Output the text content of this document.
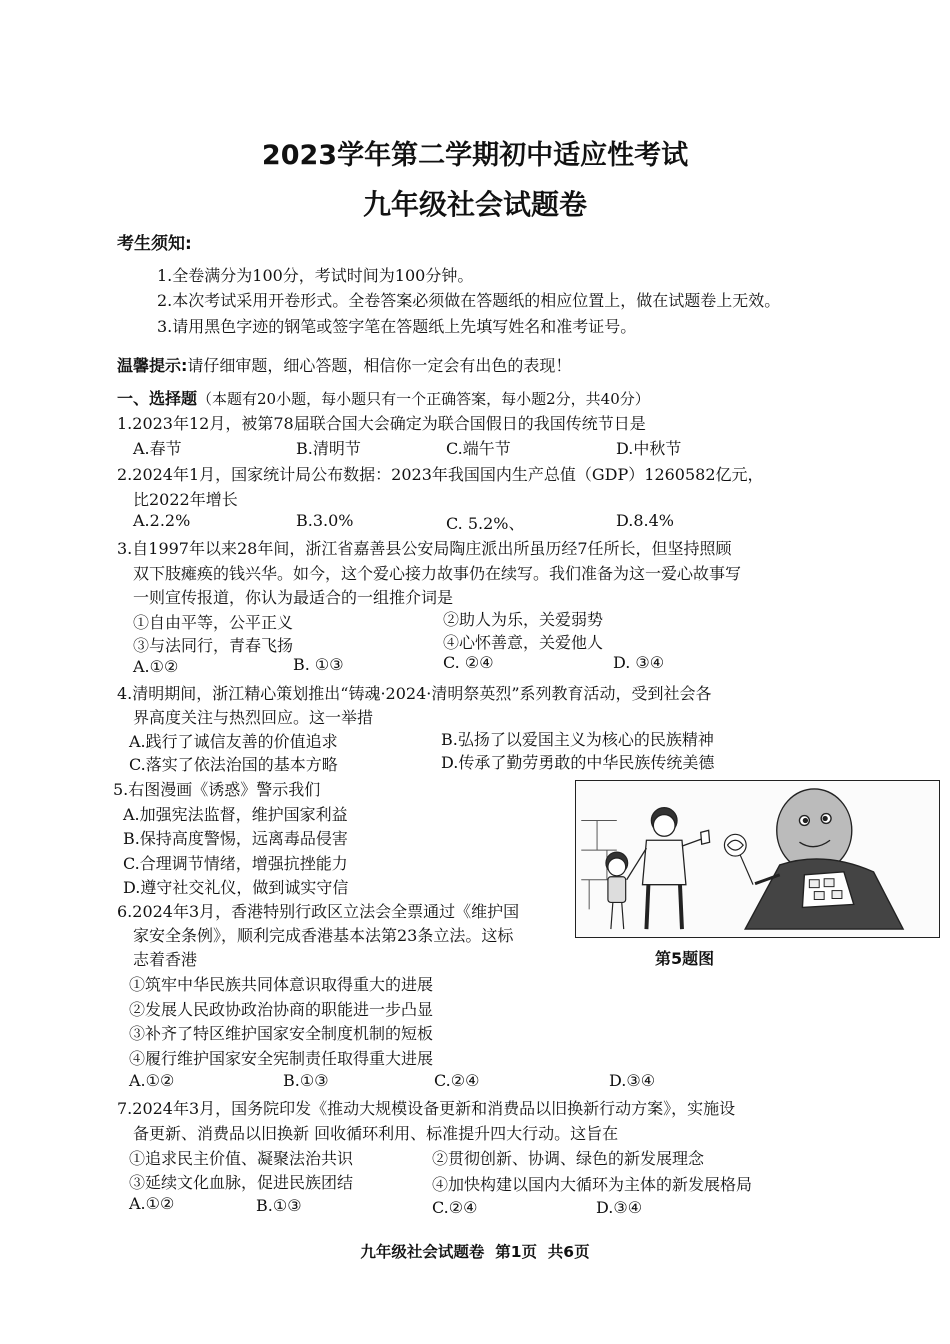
2023学年第二学期初中适应性考试
九年级社会试题卷
考生须知:
1.全卷满分为100分，考试时间为100分钟。
2.本次考试采用开卷形式。全卷答案必须做在答题纸的相应位置上，做在试题卷上无效。
3.请用黑色字迹的钢笔或签字笔在答题纸上先填写姓名和准考证号。
温馨提示:请仔细审题，细心答题，相信你一定会有出色的表现！
一、选择题（本题有20小题，每小题只有一个正确答案，每小题2分，共40分）
1.2023年12月，被第78届联合国大会确定为联合国假日的我国传统节日是
A.春节	B.清明节	C.端午节	D.中秋节
2.2024年1月，国家统计局公布数据：2023年我国国内生产总值（GDP）1260582亿元，
比2022年增长
A.2.2%	B.3.0%	C. 5.2%、	D.8.4%
3.自1997年以来28年间，浙江省嘉善县公安局陶庄派出所虽历经7任所长，但坚持照顾
双下肢瘫痪的钱兴华。如今，这个爱心接力故事仍在续写。我们准备为这一爱心故事写
一则宣传报道，你认为最适合的一组推介词是
①自由平等，公平正义	②助人为乐，关爱弱势
③与法同行，青春飞扬	④心怀善意，关爱他人
A.①②	B. ①③	C. ②④	D. ③④
4.清明期间，浙江精心策划推出“铸魂·2024·清明祭英烈”系列教育活动，受到社会各
界高度关注与热烈回应。这一举措
A.践行了诚信友善的价值追求	B.弘扬了以爱国主义为核心的民族精神
C.落实了依法治国的基本方略	D.传承了勤劳勇敢的中华民族传统美德
5.右图漫画《诱惑》警示我们
A.加强宪法监督，维护国家利益
B.保持高度警惕，远离毒品侵害
C.合理调节情绪，增强抗挫能力
D.遵守社交礼仪，做到诚实守信
第5题图
6.2024年3月，香港特别行政区立法会全票通过《维护国
家安全条例》，顺利完成香港基本法第23条立法。这标
志着香港
①筑牢中华民族共同体意识取得重大的进展
②发展人民政协政治协商的职能进一步凸显
③补齐了特区维护国家安全制度机制的短板
④履行维护国家安全宪制责任取得重大进展
A.①②	B.①③	C.②④	D.③④
7.2024年3月，国务院印发《推动大规模设备更新和消费品以旧换新行动方案》，实施设
备更新、消费品以旧换新 回收循环利用、标准提升四大行动。这旨在
①追求民主价值、凝聚法治共识	②贯彻创新、协调、绿色的新发展理念
③延续文化血脉，促进民族团结	④加快构建以国内大循环为主体的新发展格局
A.①②	B.①③	C.②④	D.③④
九年级社会试题卷  第1页  共6页
